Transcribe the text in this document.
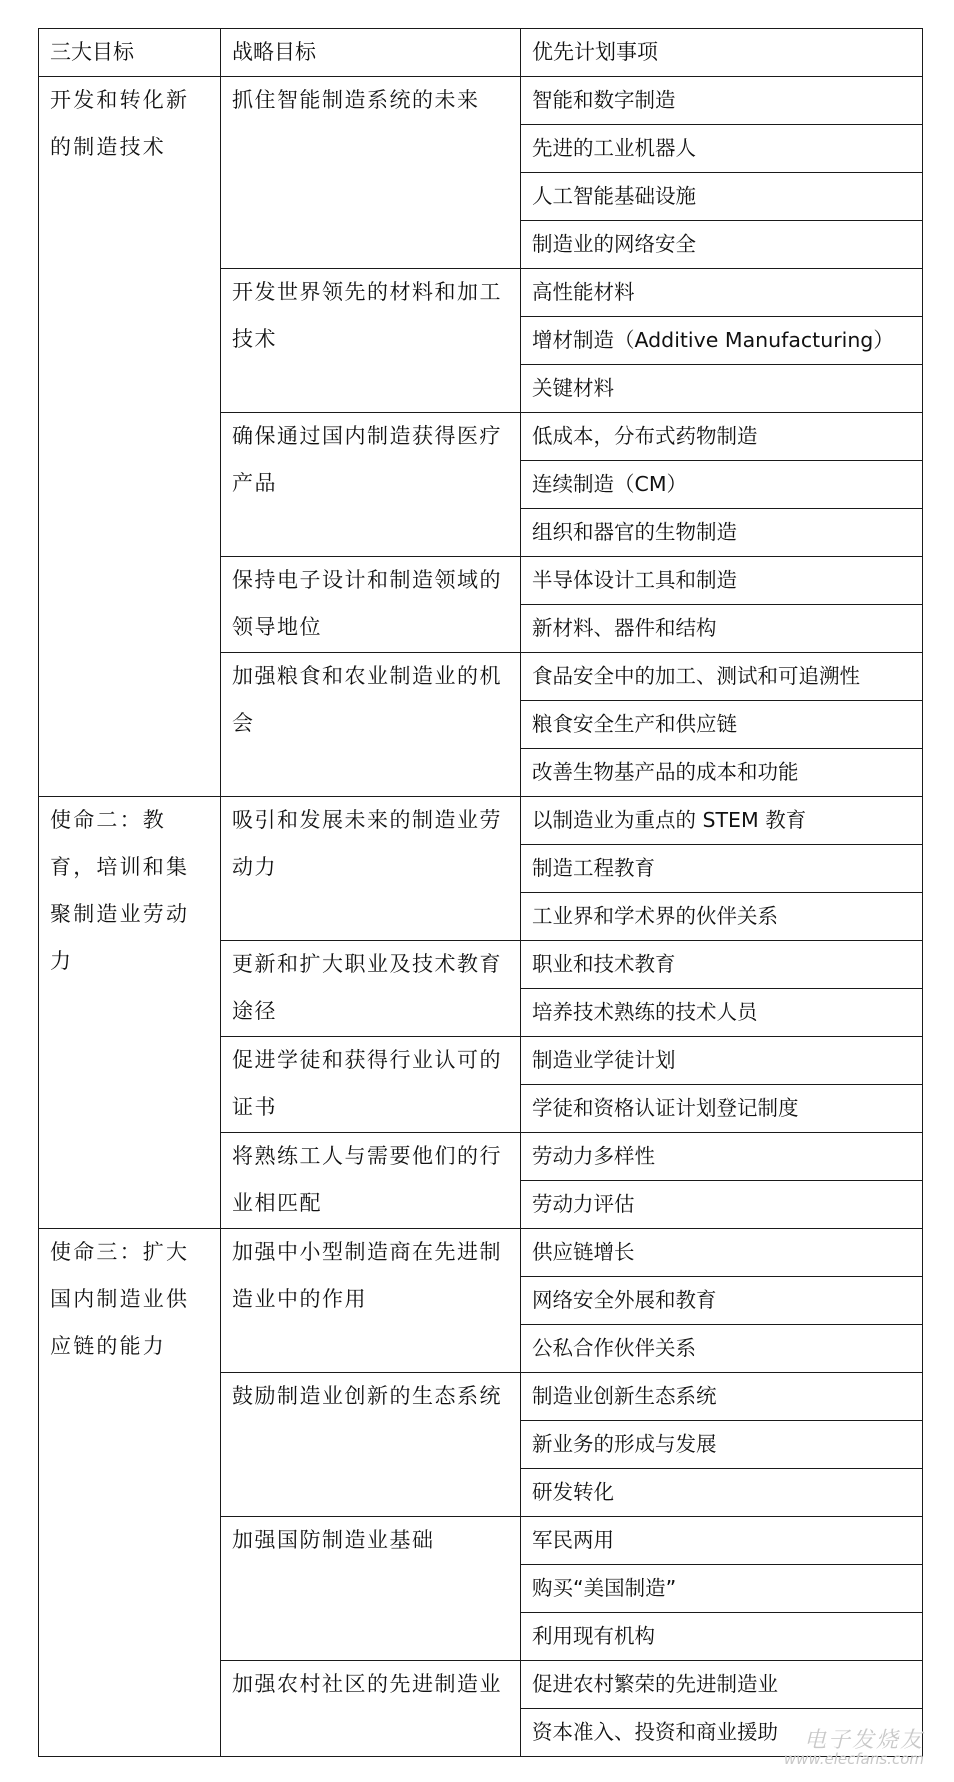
三大目标	战略目标	优先计划事项
开发和转化新的制造技术	抓住智能制造系统的未来	智能和数字制造
		先进的工业机器人
		人工智能基础设施
		制造业的网络安全
	开发世界领先的材料和加工技术	高性能材料
		增材制造（Additive Manufacturing）
		关键材料
	确保通过国内制造获得医疗产品	低成本，分布式药物制造
		连续制造（CM）
		组织和器官的生物制造
	保持电子设计和制造领域的领导地位	半导体设计工具和制造
		新材料、器件和结构
	加强粮食和农业制造业的机会	食品安全中的加工、测试和可追溯性
		粮食安全生产和供应链
		改善生物基产品的成本和功能
使命二：教育，培训和集聚制造业劳动力	吸引和发展未来的制造业劳动力	以制造业为重点的 STEM 教育
		制造工程教育
		工业界和学术界的伙伴关系
	更新和扩大职业及技术教育途径	职业和技术教育
		培养技术熟练的技术人员
	促进学徒和获得行业认可的证书	制造业学徒计划
		学徒和资格认证计划登记制度
	将熟练工人与需要他们的行业相匹配	劳动力多样性
		劳动力评估
使命三：扩大国内制造业供应链的能力	加强中小型制造商在先进制造业中的作用	供应链增长
		网络安全外展和教育
		公私合作伙伴关系
	鼓励制造业创新的生态系统	制造业创新生态系统
		新业务的形成与发展
		研发转化
	加强国防制造业基础	军民两用
		购买“美国制造”
		利用现有机构
	加强农村社区的先进制造业	促进农村繁荣的先进制造业
		资本准入、投资和商业援助	电子发烧友
www.elecfans.com
